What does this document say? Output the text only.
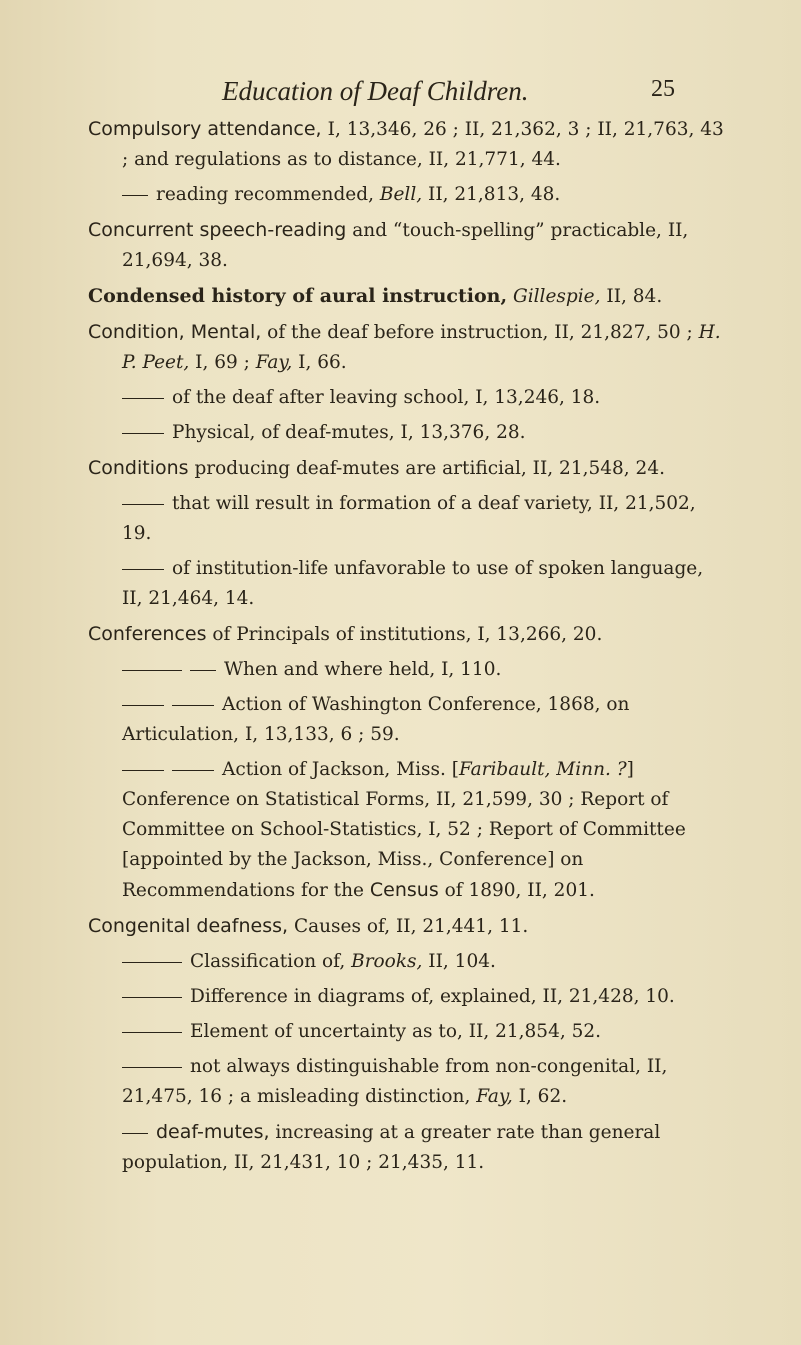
Education of Deaf Children.	25
Compulsory attendance, I, 13,346, 26 ; II, 21,362, 3 ; II, 21,763, 43 ; and regulations as to distance, II, 21,771, 44.
reading recommended, Bell, II, 21,813, 48.
Concurrent speech-reading and “touch-spelling” practicable, II, 21,694, 38.
Condensed history of aural instruction, Gillespie, II, 84.
Condition, Mental, of the deaf before instruction, II, 21,827, 50 ; H. P. Peet, I, 69 ; Fay, I, 66.
of the deaf after leaving school, I, 13,246, 18.
Physical, of deaf-mutes, I, 13,376, 28.
Conditions producing deaf-mutes are artificial, II, 21,548, 24.
that will result in formation of a deaf variety, II, 21,502, 19.
of institution-life unfavorable to use of spoken language, II, 21,464, 14.
Conferences of Principals of institutions, I, 13,266, 20.
When and where held, I, 110.
Action of Washington Conference, 1868, on Articulation, I, 13,133, 6 ; 59.
Action of Jackson, Miss. [Faribault, Minn. ?] Conference on Statistical Forms, II, 21,599, 30 ; Report of Committee on School-Statistics, I, 52 ; Report of Committee [appointed by the Jackson, Miss., Conference] on Recommendations for the Census of 1890, II, 201.
Congenital deafness, Causes of, II, 21,441, 11.
Classification of, Brooks, II, 104.
Difference in diagrams of, explained, II, 21,428, 10.
Element of uncertainty as to, II, 21,854, 52.
not always distinguishable from non-congenital, II, 21,475, 16 ; a misleading distinction, Fay, I, 62.
deaf-mutes, increasing at a greater rate than general population, II, 21,431, 10 ; 21,435, 11.
